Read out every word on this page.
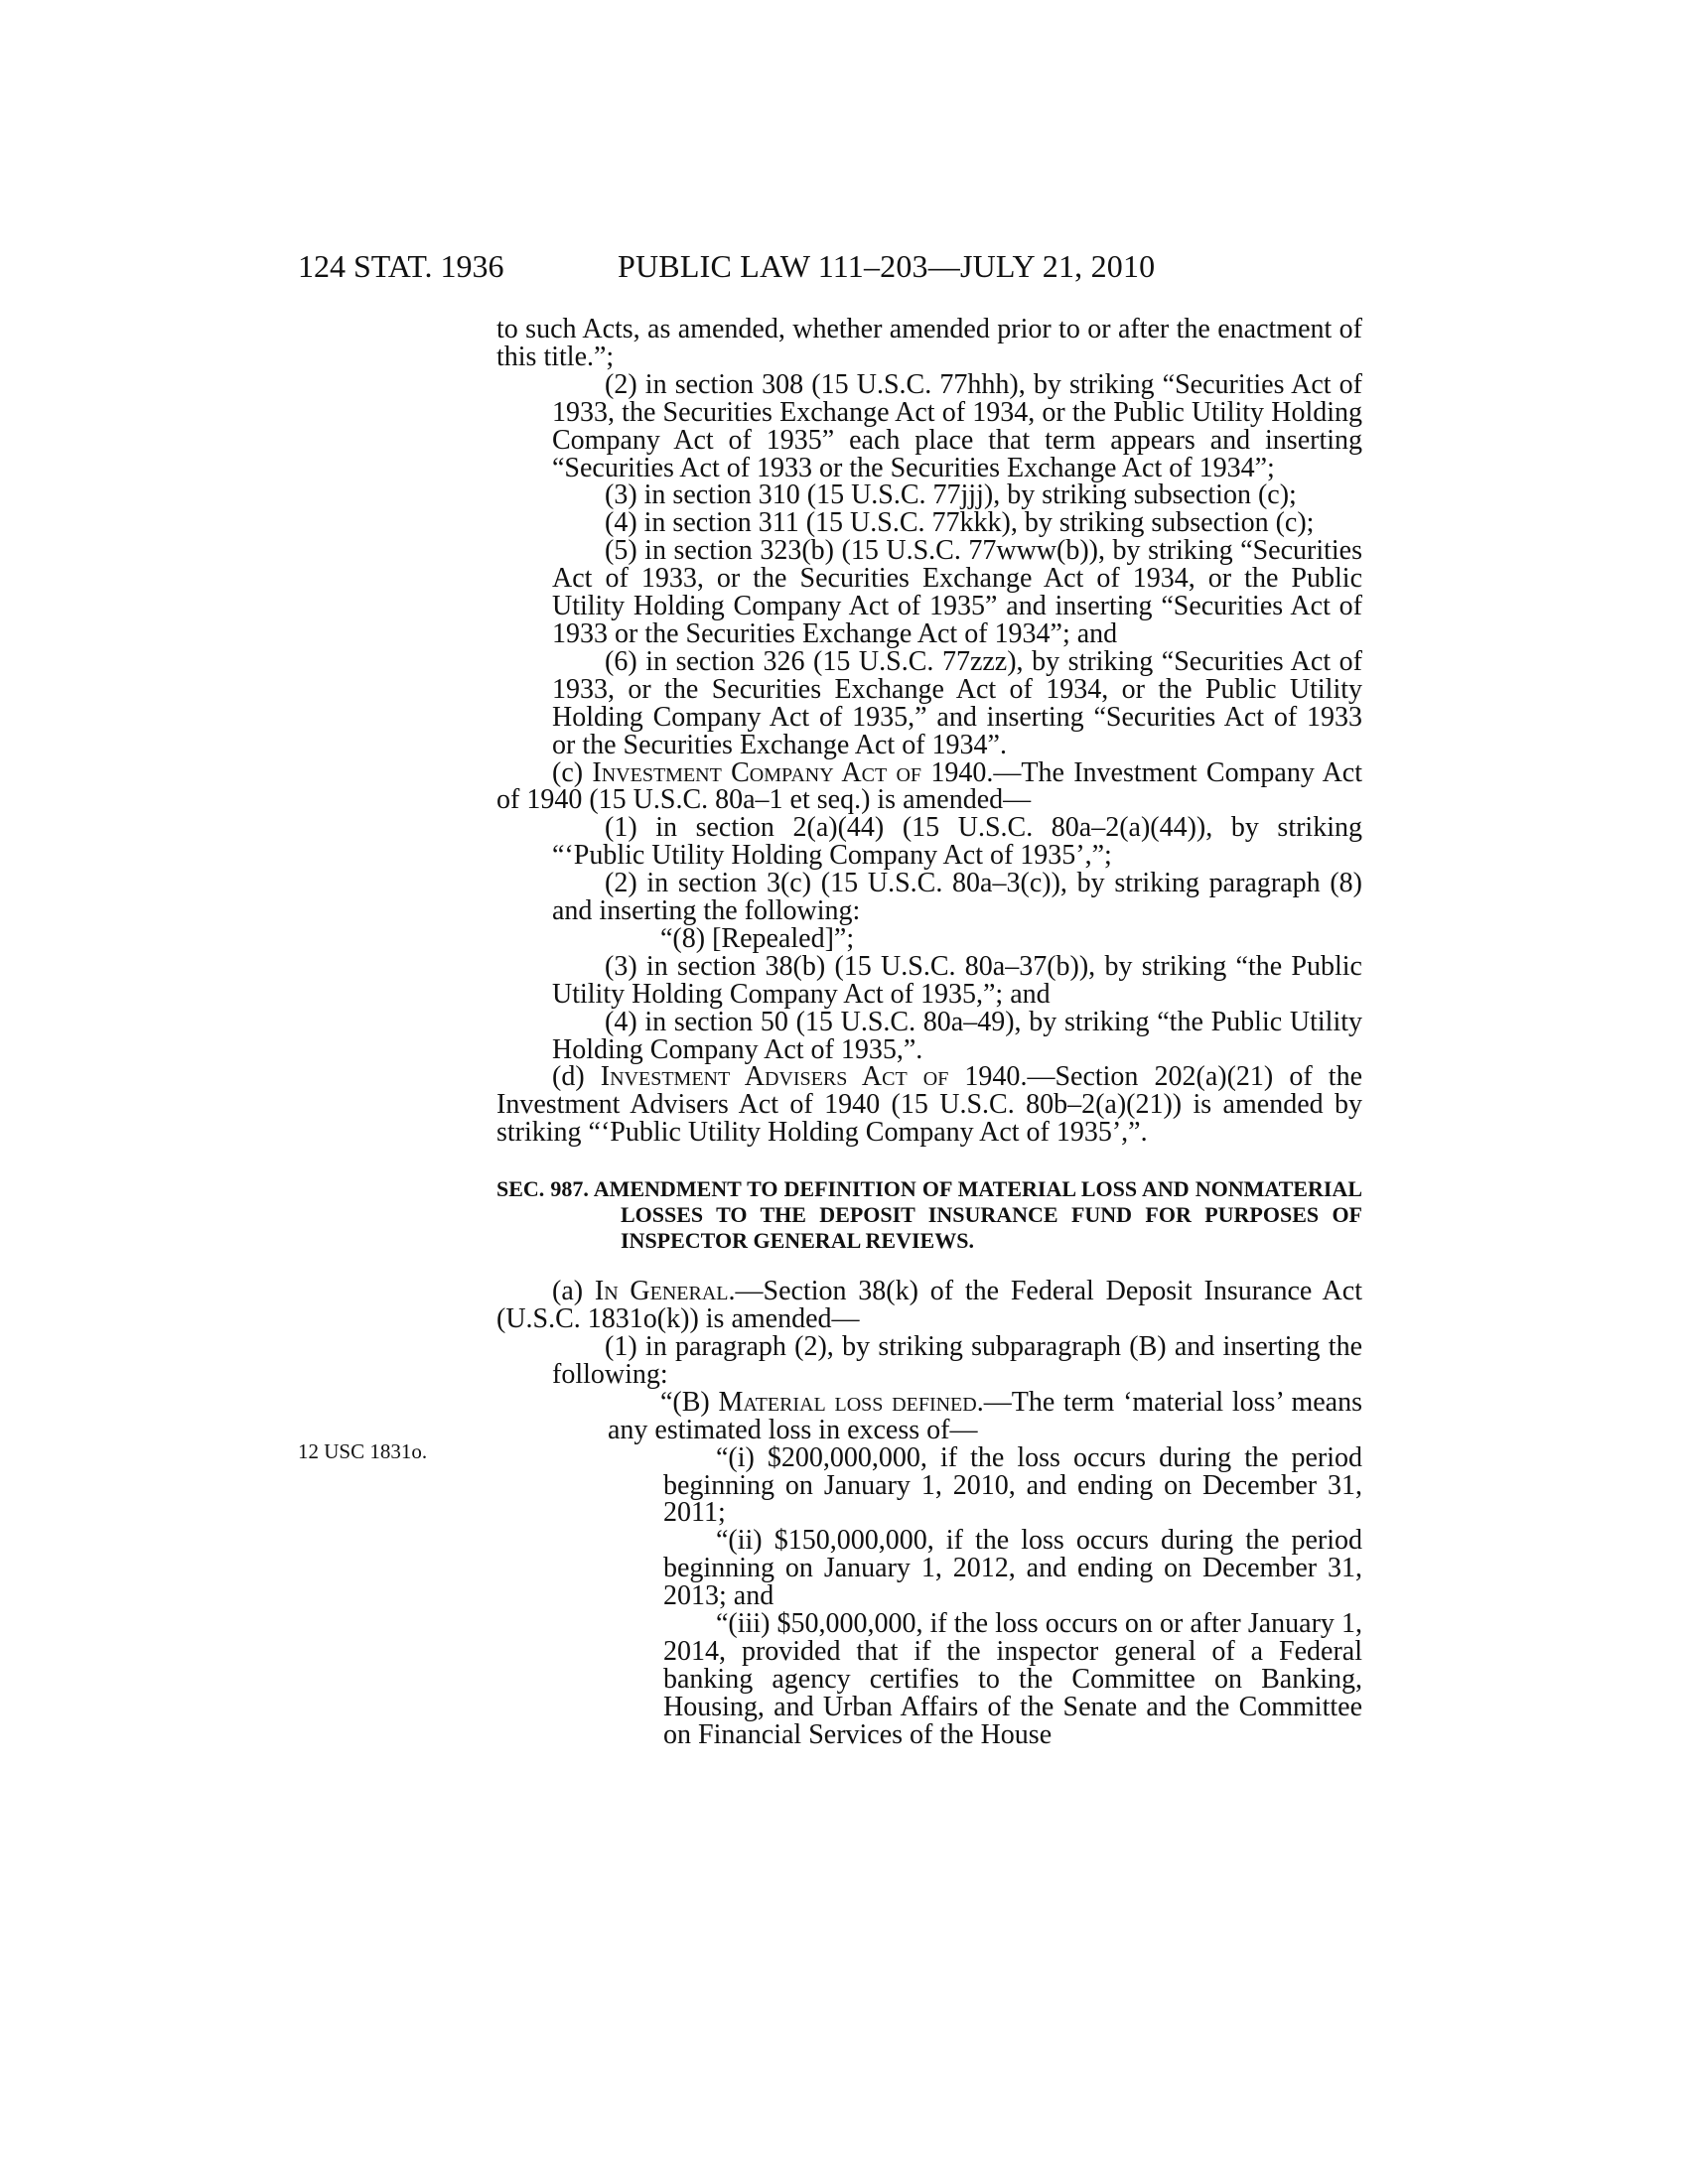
124 STAT. 1936	PUBLIC LAW 111–203—JULY 21, 2010
12 USC 1831o.

to such Acts, as amended, whether amended prior to or after the enactment of this title.”;

(2) in section 308 (15 U.S.C. 77hhh), by striking “Securities Act of 1933, the Securities Exchange Act of 1934, or the Public Utility Holding Company Act of 1935” each place that term appears and inserting “Securities Act of 1933 or the Securities Exchange Act of 1934”;

(3) in section 310 (15 U.S.C. 77jjj), by striking subsection (c);

(4) in section 311 (15 U.S.C. 77kkk), by striking subsection (c);

(5) in section 323(b) (15 U.S.C. 77www(b)), by striking “Securities Act of 1933, or the Securities Exchange Act of 1934, or the Public Utility Holding Company Act of 1935” and inserting “Securities Act of 1933 or the Securities Exchange Act of 1934”; and

(6) in section 326 (15 U.S.C. 77zzz), by striking “Securities Act of 1933, or the Securities Exchange Act of 1934, or the Public Utility Holding Company Act of 1935,” and inserting “Securities Act of 1933 or the Securities Exchange Act of 1934”.

(c) Investment Company Act of 1940.—The Investment Company Act of 1940 (15 U.S.C. 80a–1 et seq.) is amended—

(1) in section 2(a)(44) (15 U.S.C. 80a–2(a)(44)), by striking “‘Public Utility Holding Company Act of 1935’,”;

(2) in section 3(c) (15 U.S.C. 80a–3(c)), by striking paragraph (8) and inserting the following:

“(8) [Repealed]”;

(3) in section 38(b) (15 U.S.C. 80a–37(b)), by striking “the Public Utility Holding Company Act of 1935,”; and

(4) in section 50 (15 U.S.C. 80a–49), by striking “the Public Utility Holding Company Act of 1935,”.

(d) Investment Advisers Act of 1940.—Section 202(a)(21) of the Investment Advisers Act of 1940 (15 U.S.C. 80b–2(a)(21)) is amended by striking “‘Public Utility Holding Company Act of 1935’,”.

SEC. 987. AMENDMENT TO DEFINITION OF MATERIAL LOSS AND NONMATERIAL LOSSES TO THE DEPOSIT INSURANCE FUND FOR PURPOSES OF INSPECTOR GENERAL REVIEWS.

(a) In General.—Section 38(k) of the Federal Deposit Insurance Act (U.S.C. 1831o(k)) is amended—

(1) in paragraph (2), by striking subparagraph (B) and inserting the following:

“(B) Material loss defined.—The term ‘material loss’ means any estimated loss in excess of—

“(i) $200,000,000, if the loss occurs during the period beginning on January 1, 2010, and ending on December 31, 2011;

“(ii) $150,000,000, if the loss occurs during the period beginning on January 1, 2012, and ending on December 31, 2013; and

“(iii) $50,000,000, if the loss occurs on or after January 1, 2014, provided that if the inspector general of a Federal banking agency certifies to the Committee on Banking, Housing, and Urban Affairs of the Senate and the Committee on Financial Services of the House
